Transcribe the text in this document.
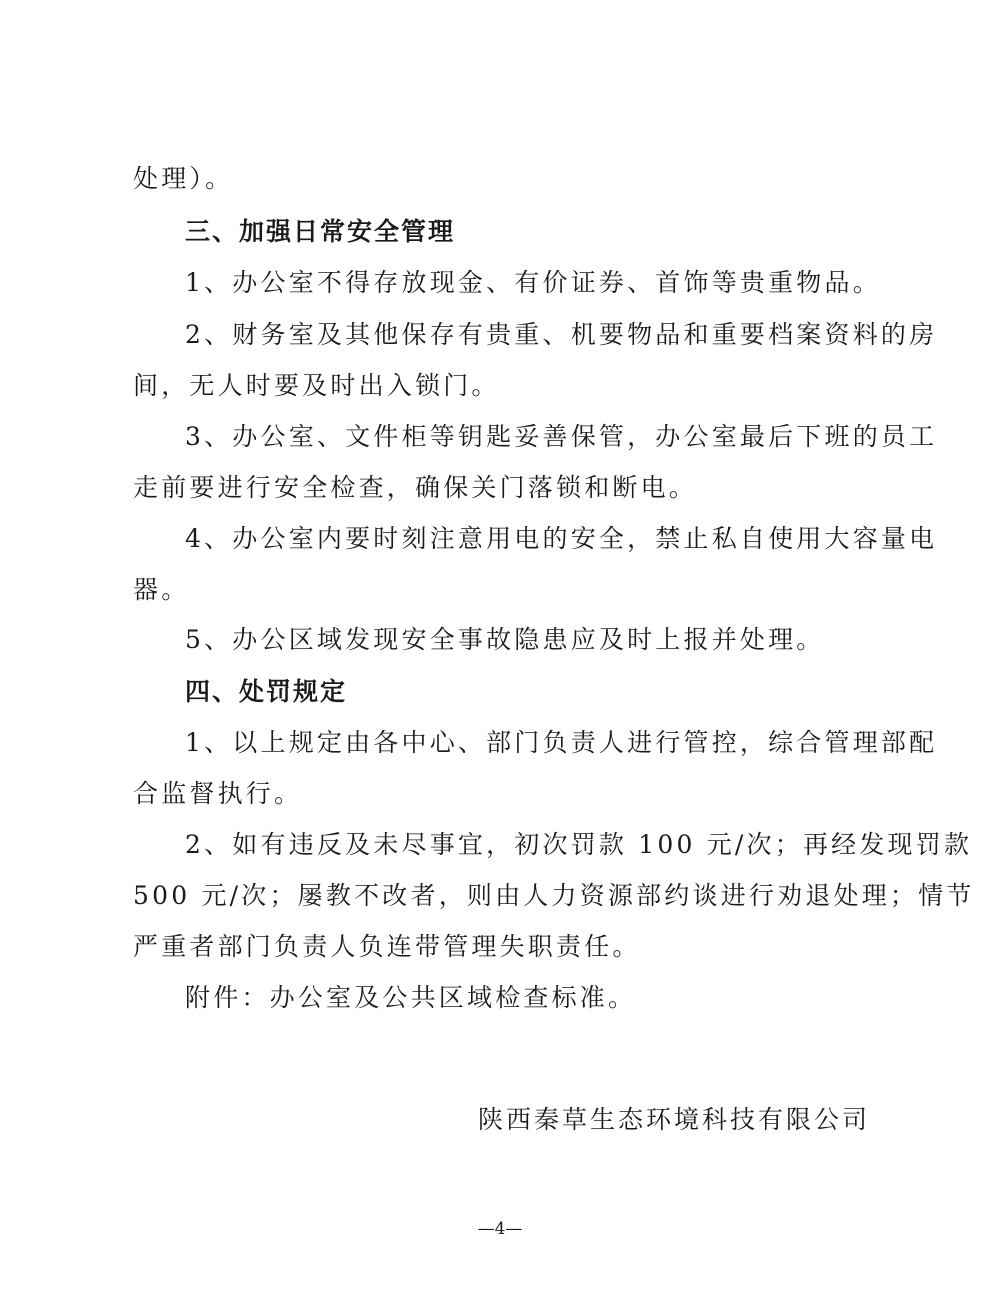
处理）。
三、加强日常安全管理
1、办公室不得存放现金、有价证券、首饰等贵重物品。
2、财务室及其他保存有贵重、机要物品和重要档案资料的房
间，无人时要及时出入锁门。
3、办公室、文件柜等钥匙妥善保管，办公室最后下班的员工
走前要进行安全检查，确保关门落锁和断电。
4、办公室内要时刻注意用电的安全，禁止私自使用大容量电
器。
5、办公区域发现安全事故隐患应及时上报并处理。
四、处罚规定
1、以上规定由各中心、部门负责人进行管控，综合管理部配
合监督执行。
2、如有违反及未尽事宜，初次罚款 100 元/次；再经发现罚款
500 元/次；屡教不改者，则由人力资源部约谈进行劝退处理；情节
严重者部门负责人负连带管理失职责任。
附件：办公室及公共区域检查标准。
陕西秦草生态环境科技有限公司
—4—
